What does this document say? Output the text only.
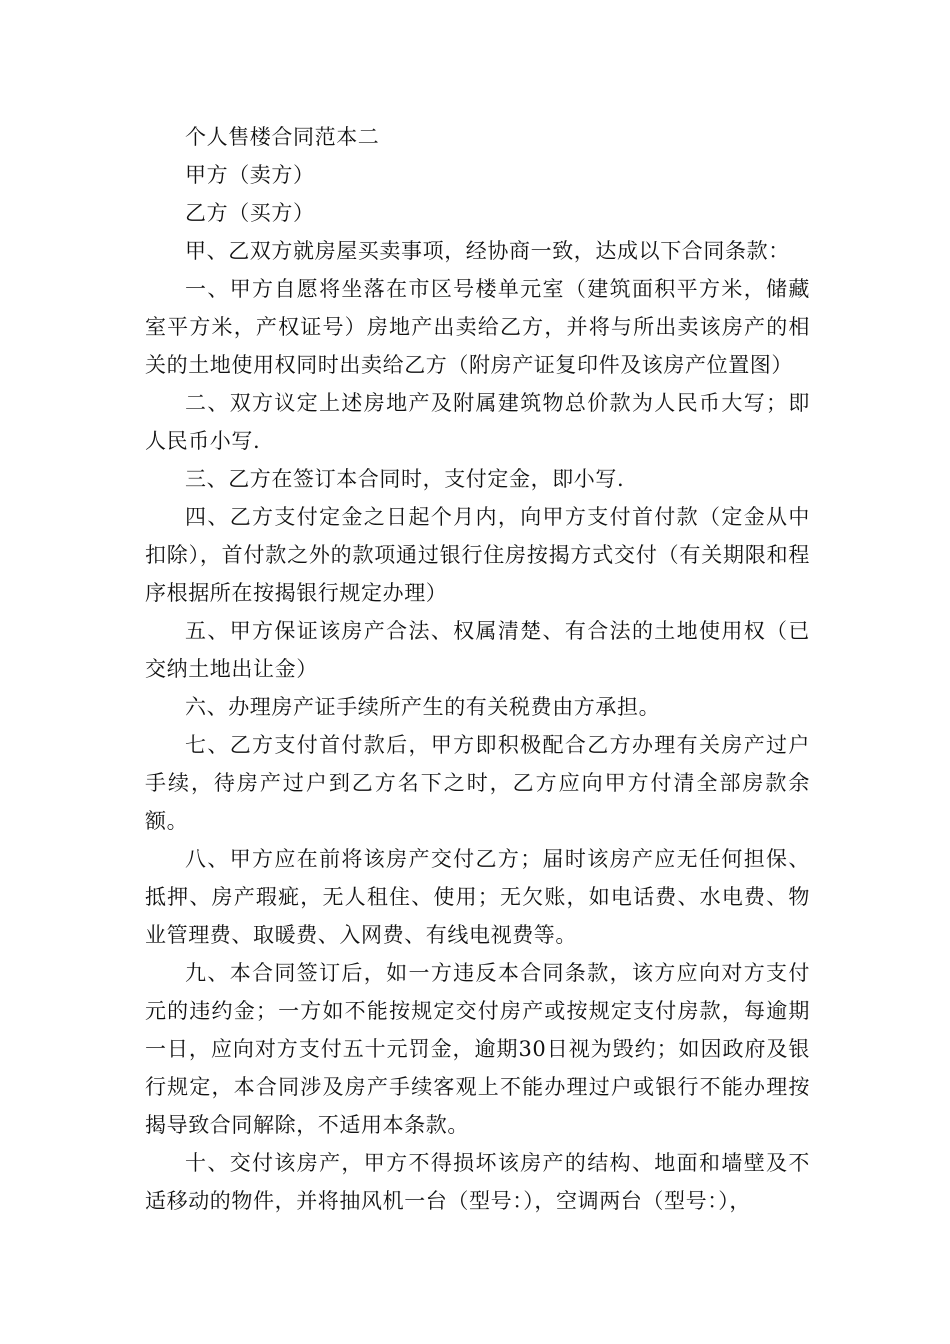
个人售楼合同范本二

甲方（卖方）

乙方（买方）

甲、乙双方就房屋买卖事项，经协商一致，达成以下合同条款：

一、甲方自愿将坐落在市区号楼单元室（建筑面积平方米，储藏室平方米，产权证号）房地产出卖给乙方，并将与所出卖该房产的相关的土地使用权同时出卖给乙方（附房产证复印件及该房产位置图）

二、双方议定上述房地产及附属建筑物总价款为人民币大写；即人民币小写.

三、乙方在签订本合同时，支付定金，即小写.

四、乙方支付定金之日起个月内，向甲方支付首付款（定金从中扣除），首付款之外的款项通过银行住房按揭方式交付（有关期限和程序根据所在按揭银行规定办理）

五、甲方保证该房产合法、权属清楚、有合法的土地使用权（已交纳土地出让金）

六、办理房产证手续所产生的有关税费由方承担。

七、乙方支付首付款后，甲方即积极配合乙方办理有关房产过户手续，待房产过户到乙方名下之时，乙方应向甲方付清全部房款余额。

八、甲方应在前将该房产交付乙方；届时该房产应无任何担保、抵押、房产瑕疵，无人租住、使用；无欠账，如电话费、水电费、物业管理费、取暖费、入网费、有线电视费等。

九、本合同签订后，如一方违反本合同条款，该方应向对方支付元的违约金；一方如不能按规定交付房产或按规定支付房款，每逾期一日，应向对方支付五十元罚金，逾期30日视为毁约；如因政府及银行规定，本合同涉及房产手续客观上不能办理过户或银行不能办理按揭导致合同解除，不适用本条款。

十、交付该房产，甲方不得损坏该房产的结构、地面和墙壁及不适移动的物件，并将抽风机一台（型号：），空调两台（型号：），
